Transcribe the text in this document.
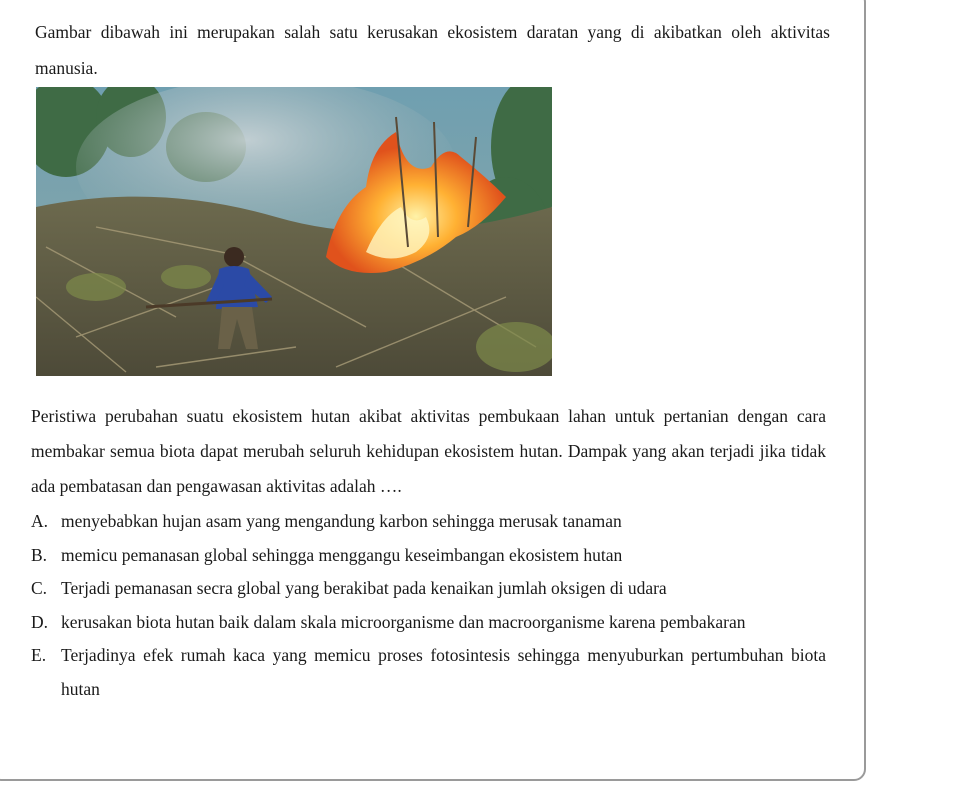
Gambar dibawah ini merupakan salah satu kerusakan ekosistem daratan yang di akibatkan oleh aktivitas manusia.

Peristiwa perubahan suatu ekosistem hutan akibat aktivitas pembukaan lahan untuk pertanian dengan cara membakar semua biota dapat merubah seluruh kehidupan ekosistem hutan. Dampak yang akan terjadi jika tidak ada pembatasan dan pengawasan aktivitas adalah ….

A. menyebabkan hujan asam yang mengandung karbon sehingga merusak tanaman
B. memicu pemanasan global sehingga menggangu keseimbangan ekosistem hutan
C. Terjadi pemanasan secra global yang berakibat pada kenaikan jumlah oksigen di udara
D. kerusakan biota hutan baik dalam skala microorganisme dan macroorganisme karena pembakaran
E. Terjadinya efek rumah kaca yang memicu proses fotosintesis sehingga menyuburkan pertumbuhan biota hutan
